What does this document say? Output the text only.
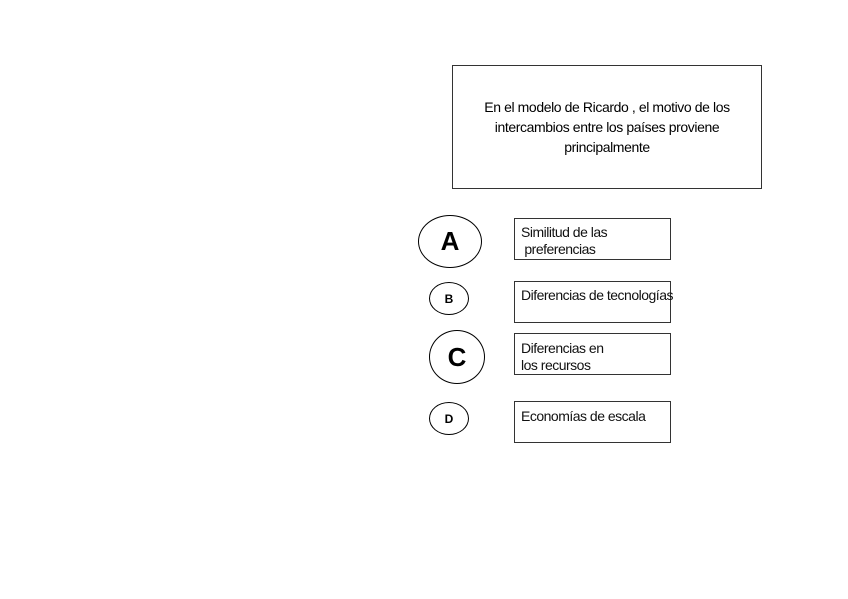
En el modelo de Ricardo , el motivo de los intercambios entre los países proviene principalmente
A	Similitud de las
preferencias
B	Diferencias de tecnologías
C	Diferencias en
los recursos
D	Economías de escala
